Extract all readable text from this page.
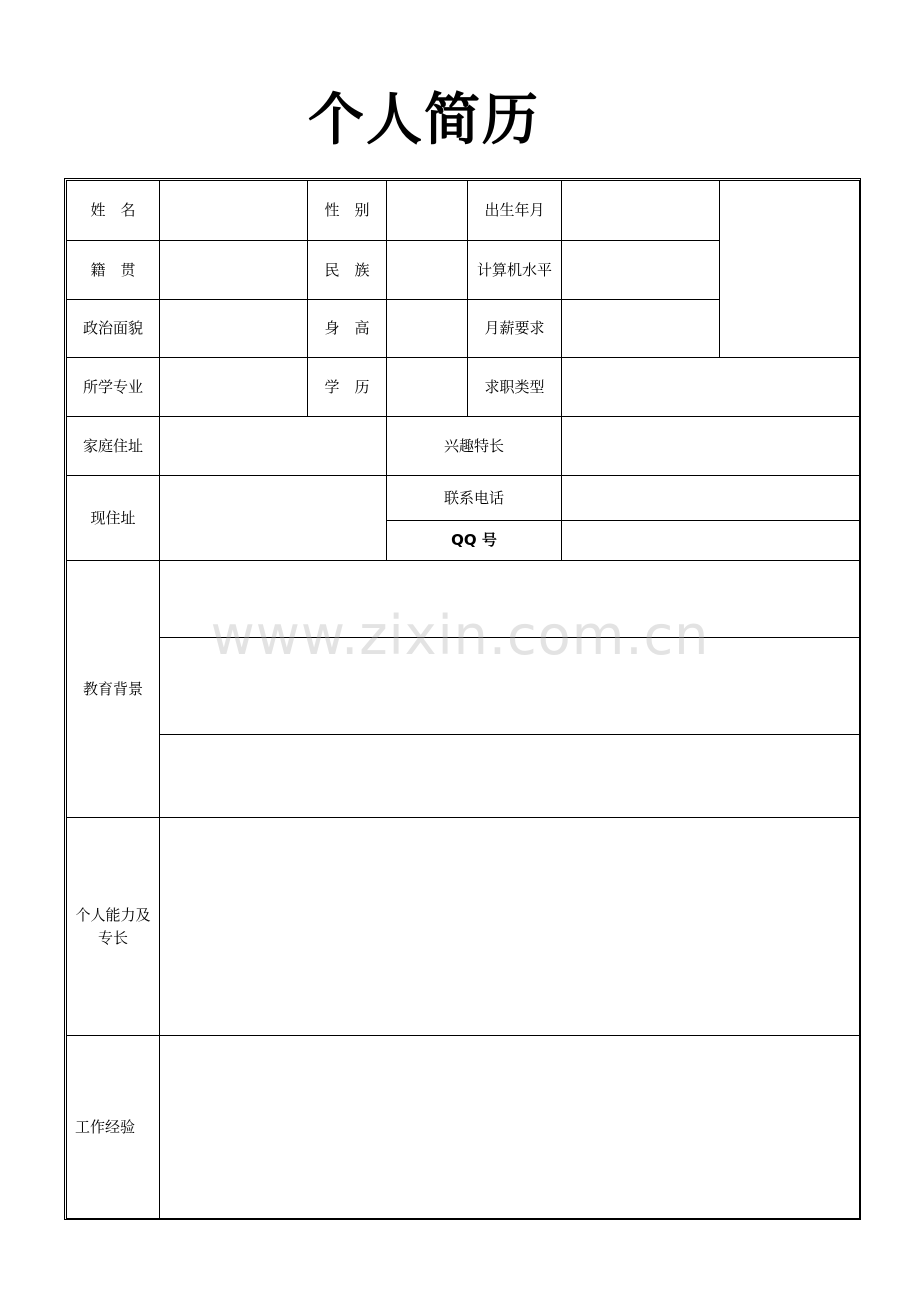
个人简历
姓　名		性　别		出生年月		
籍　贯		民　族		计算机水平		
政治面貌		身　高		月薪要求		
所学专业		学　历		求职类型		
家庭住址			兴趣特长			
现住址			联系电话			
			QQ 号			
教育背景						

个人能力及专长						
工作经验						
www.zixin.com.cn
